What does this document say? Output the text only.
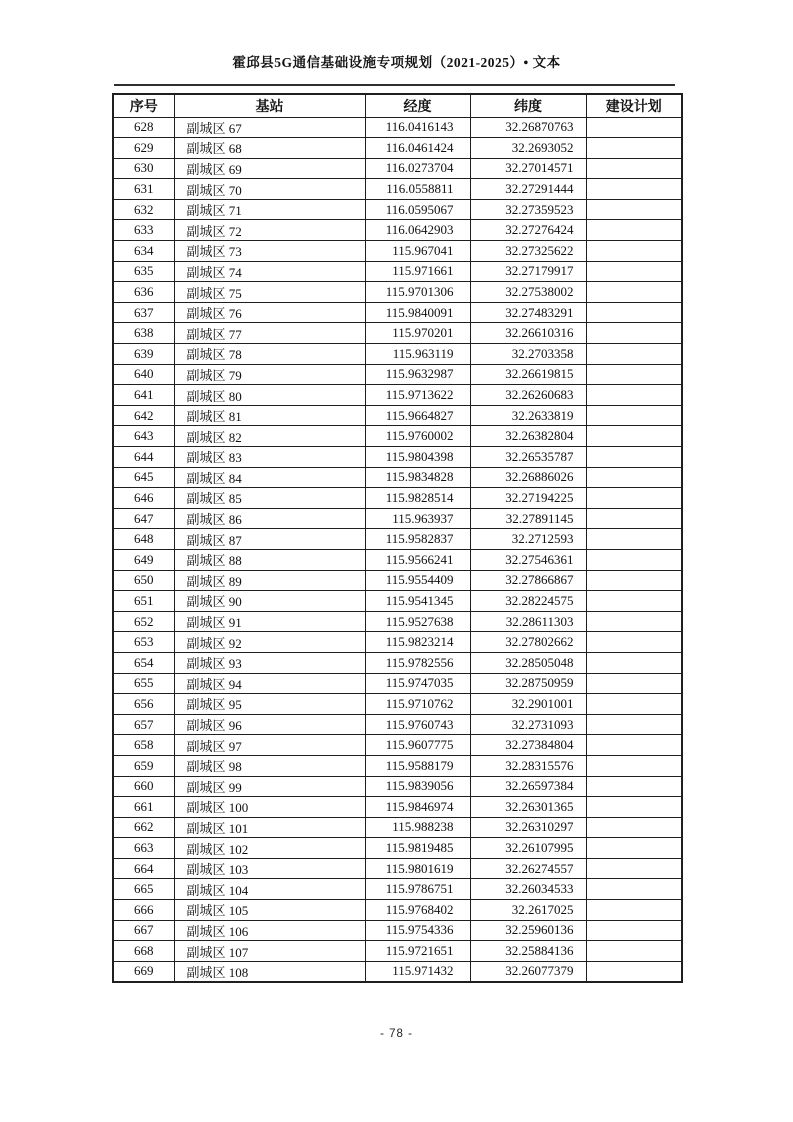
霍邱县5G通信基础设施专项规划（2021-2025）• 文本
序号	基站	经度	纬度	建设计划
628	副城区 67	116.0416143	32.26870763	
629	副城区 68	116.0461424	32.2693052	
630	副城区 69	116.0273704	32.27014571	
631	副城区 70	116.0558811	32.27291444	
632	副城区 71	116.0595067	32.27359523	
633	副城区 72	116.0642903	32.27276424	
634	副城区 73	115.967041	32.27325622	
635	副城区 74	115.971661	32.27179917	
636	副城区 75	115.9701306	32.27538002	
637	副城区 76	115.9840091	32.27483291	
638	副城区 77	115.970201	32.26610316	
639	副城区 78	115.963119	32.2703358	
640	副城区 79	115.9632987	32.26619815	
641	副城区 80	115.9713622	32.26260683	
642	副城区 81	115.9664827	32.2633819	
643	副城区 82	115.9760002	32.26382804	
644	副城区 83	115.9804398	32.26535787	
645	副城区 84	115.9834828	32.26886026	
646	副城区 85	115.9828514	32.27194225	
647	副城区 86	115.963937	32.27891145	
648	副城区 87	115.9582837	32.2712593	
649	副城区 88	115.9566241	32.27546361	
650	副城区 89	115.9554409	32.27866867	
651	副城区 90	115.9541345	32.28224575	
652	副城区 91	115.9527638	32.28611303	
653	副城区 92	115.9823214	32.27802662	
654	副城区 93	115.9782556	32.28505048	
655	副城区 94	115.9747035	32.28750959	
656	副城区 95	115.9710762	32.2901001	
657	副城区 96	115.9760743	32.2731093	
658	副城区 97	115.9607775	32.27384804	
659	副城区 98	115.9588179	32.28315576	
660	副城区 99	115.9839056	32.26597384	
661	副城区 100	115.9846974	32.26301365	
662	副城区 101	115.988238	32.26310297	
663	副城区 102	115.9819485	32.26107995	
664	副城区 103	115.9801619	32.26274557	
665	副城区 104	115.9786751	32.26034533	
666	副城区 105	115.9768402	32.2617025	
667	副城区 106	115.9754336	32.25960136	
668	副城区 107	115.9721651	32.25884136	
669	副城区 108	115.971432	32.26077379	
- 78 -
